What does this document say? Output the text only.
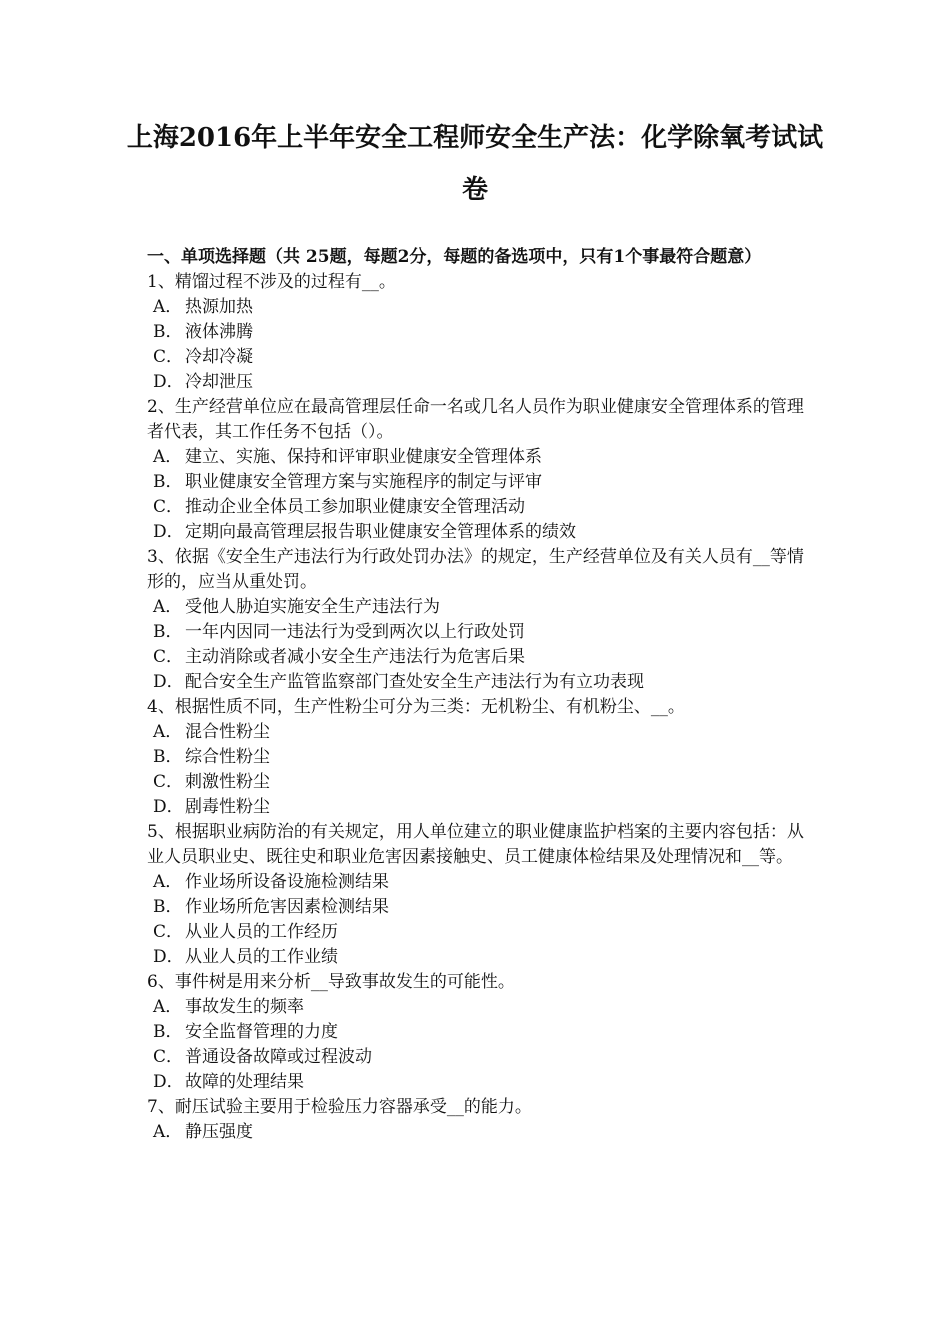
上海2016年上半年安全工程师安全生产法：化学除氧考试试卷

一、单项选择题（共 25题，每题2分，每题的备选项中，只有1个事最符合题意）

1、精馏过程不涉及的过程有__。

A． 热源加热
B． 液体沸腾
C． 冷却冷凝
D．冷却泄压

2、生产经营单位应在最高管理层任命一名或几名人员作为职业健康安全管理体系的管理者代表，其工作任务不包括（）。

A． 建立、实施、保持和评审职业健康安全管理体系
B． 职业健康安全管理方案与实施程序的制定与评审
C． 推动企业全体员工参加职业健康安全管理活动
D．定期向最高管理层报告职业健康安全管理体系的绩效

3、依据《安全生产违法行为行政处罚办法》的规定，生产经营单位及有关人员有__等情形的，应当从重处罚。

A． 受他人胁迫实施安全生产违法行为
B． 一年内因同一违法行为受到两次以上行政处罚
C． 主动消除或者减小安全生产违法行为危害后果
D．配合安全生产监管监察部门查处安全生产违法行为有立功表现

4、根据性质不同，生产性粉尘可分为三类：无机粉尘、有机粉尘、__。

A． 混合性粉尘
B． 综合性粉尘
C． 刺激性粉尘
D．剧毒性粉尘

5、根据职业病防治的有关规定，用人单位建立的职业健康监护档案的主要内容包括：从业人员职业史、既往史和职业危害因素接触史、员工健康体检结果及处理情况和__等。

A． 作业场所设备设施检测结果
B． 作业场所危害因素检测结果
C． 从业人员的工作经历
D．从业人员的工作业绩

6、事件树是用来分析__导致事故发生的可能性。

A． 事故发生的频率
B． 安全监督管理的力度
C． 普通设备故障或过程波动
D．故障的处理结果

7、耐压试验主要用于检验压力容器承受__的能力。

A． 静压强度
